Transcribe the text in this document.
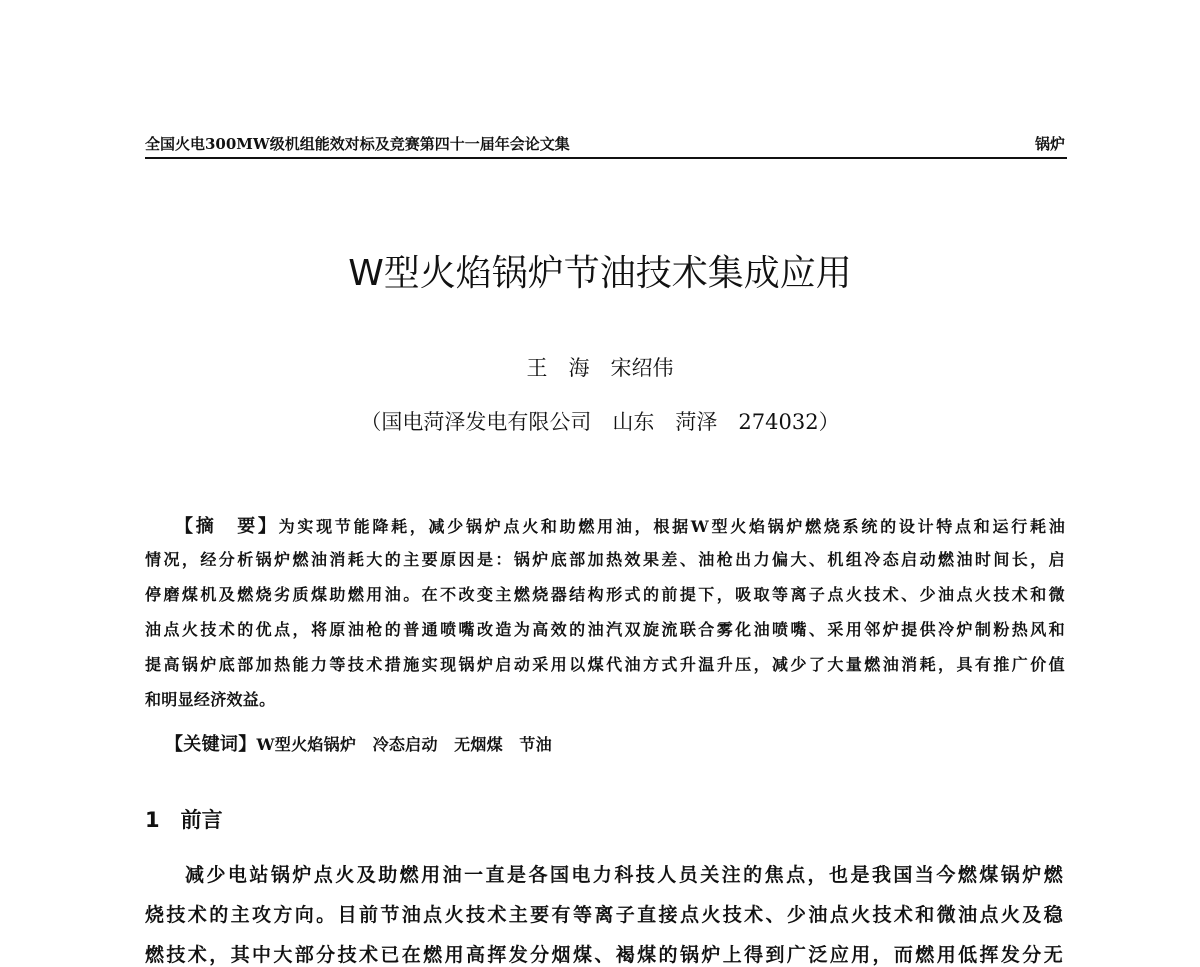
全国火电300MW级机组能效对标及竞赛第四十一届年会论文集	锅炉
W型火焰锅炉节油技术集成应用
王　海　宋绍伟
（国电菏泽发电有限公司　山东　菏泽　274032）
【摘　要】为实现节能降耗，减少锅炉点火和助燃用油，根据W型火焰锅炉燃烧系统的设计特点和运行耗油
情况，经分析锅炉燃油消耗大的主要原因是：锅炉底部加热效果差、油枪出力偏大、机组冷态启动燃油时间长，启
停磨煤机及燃烧劣质煤助燃用油。在不改变主燃烧器结构形式的前提下，吸取等离子点火技术、少油点火技术和微
油点火技术的优点，将原油枪的普通喷嘴改造为高效的油汽双旋流联合雾化油喷嘴、采用邻炉提供冷炉制粉热风和
提高锅炉底部加热能力等技术措施实现锅炉启动采用以煤代油方式升温升压，减少了大量燃油消耗，具有推广价值
和明显经济效益。
【关键词】W型火焰锅炉　冷态启动　无烟煤　节油
1　前言
减少电站锅炉点火及助燃用油一直是各国电力科技人员关注的焦点，也是我国当今燃煤锅炉燃
烧技术的主攻方向。目前节油点火技术主要有等离子直接点火技术、少油点火技术和微油点火及稳
燃技术，其中大部分技术已在燃用高挥发分烟煤、褐煤的锅炉上得到广泛应用，而燃用低挥发分无
